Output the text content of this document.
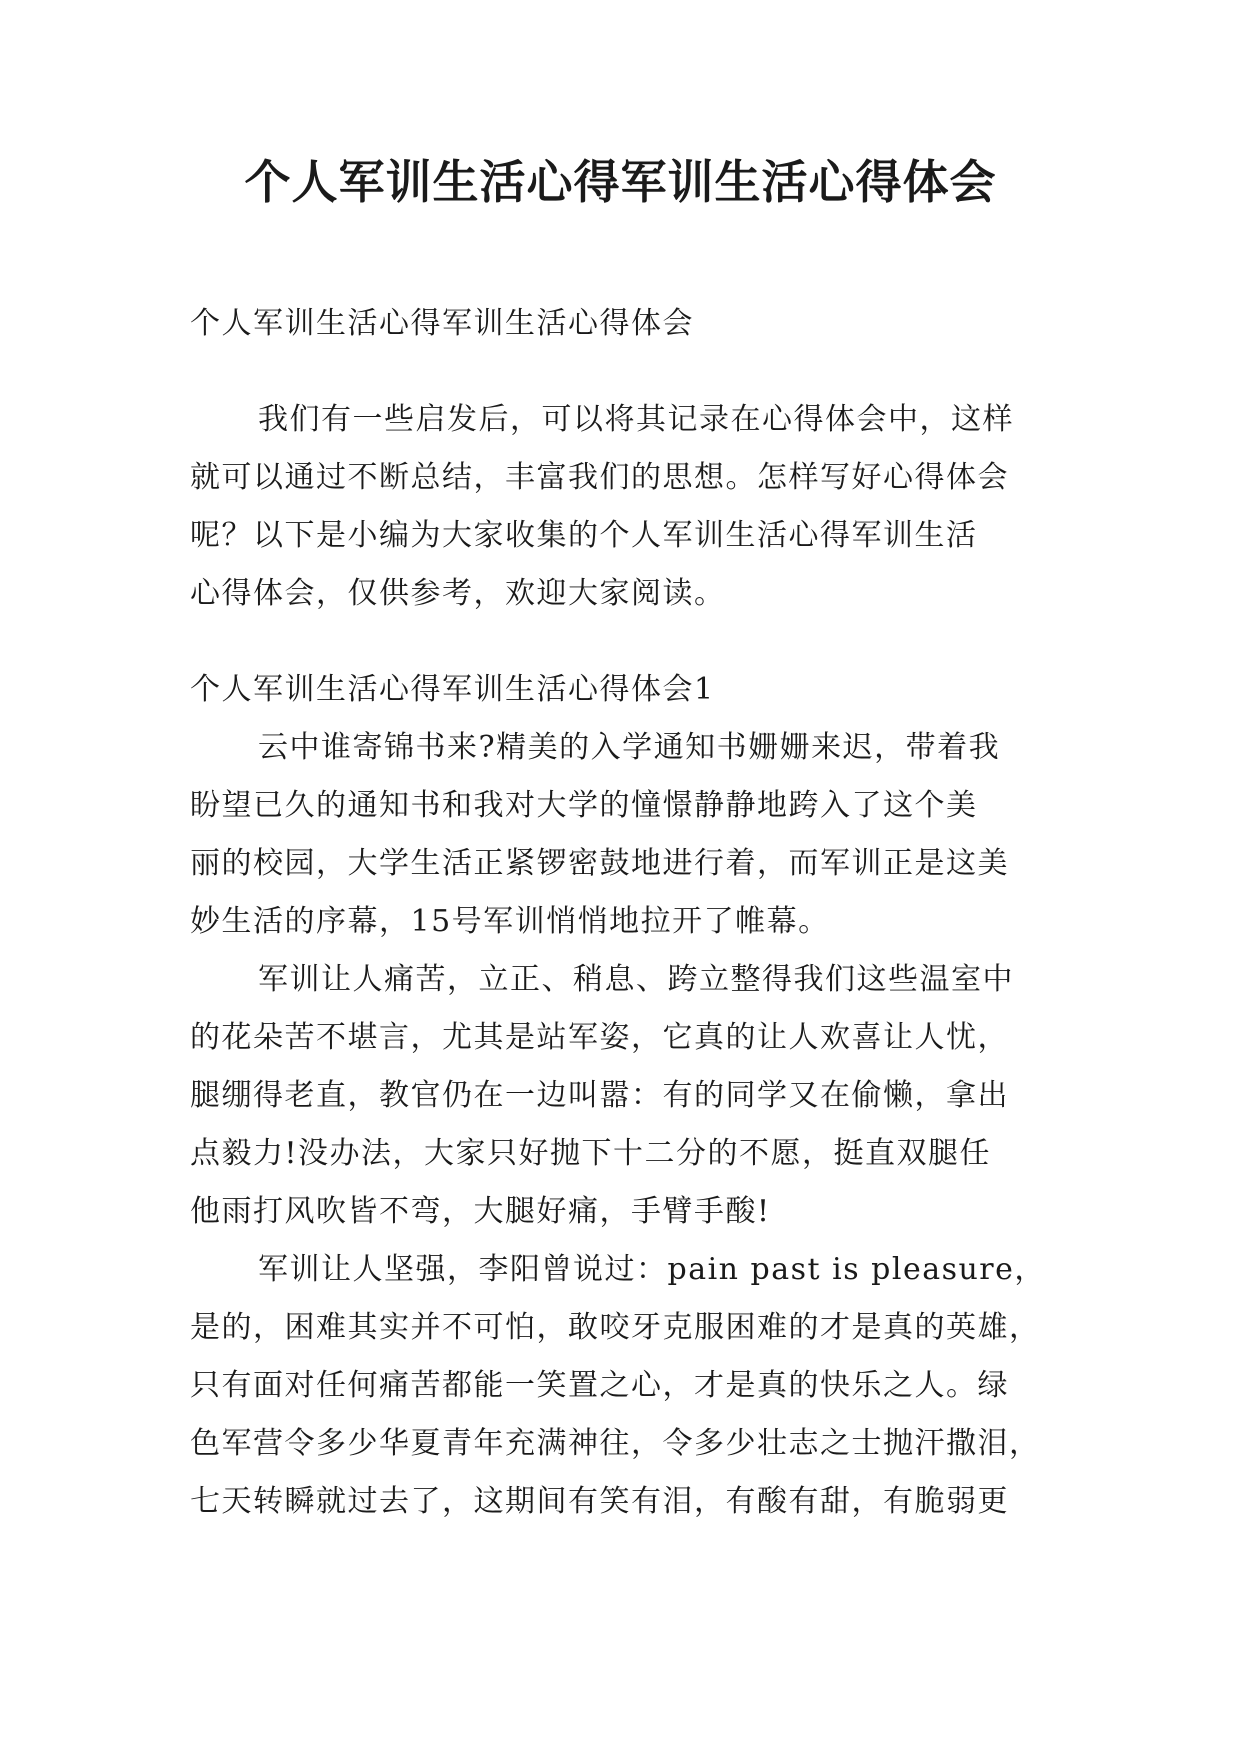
个人军训生活心得军训生活心得体会
个人军训生活心得军训生活心得体会
我们有一些启发后，可以将其记录在心得体会中，这样
就可以通过不断总结，丰富我们的思想。怎样写好心得体会
呢？以下是小编为大家收集的个人军训生活心得军训生活
心得体会，仅供参考，欢迎大家阅读。
个人军训生活心得军训生活心得体会1
云中谁寄锦书来?精美的入学通知书姗姗来迟，带着我
盼望已久的通知书和我对大学的憧憬静静地跨入了这个美
丽的校园，大学生活正紧锣密鼓地进行着，而军训正是这美
妙生活的序幕，15号军训悄悄地拉开了帷幕。
军训让人痛苦，立正、稍息、跨立整得我们这些温室中
的花朵苦不堪言，尤其是站军姿，它真的让人欢喜让人忧，
腿绷得老直，教官仍在一边叫嚣：有的同学又在偷懒，拿出
点毅力!没办法，大家只好抛下十二分的不愿，挺直双腿任
他雨打风吹皆不弯，大腿好痛，手臂手酸!
军训让人坚强，李阳曾说过：pain past is pleasure，
是的，困难其实并不可怕，敢咬牙克服困难的才是真的英雄，
只有面对任何痛苦都能一笑置之心，才是真的快乐之人。绿
色军营令多少华夏青年充满神往，令多少壮志之士抛汗撒泪，
七天转瞬就过去了，这期间有笑有泪，有酸有甜，有脆弱更
